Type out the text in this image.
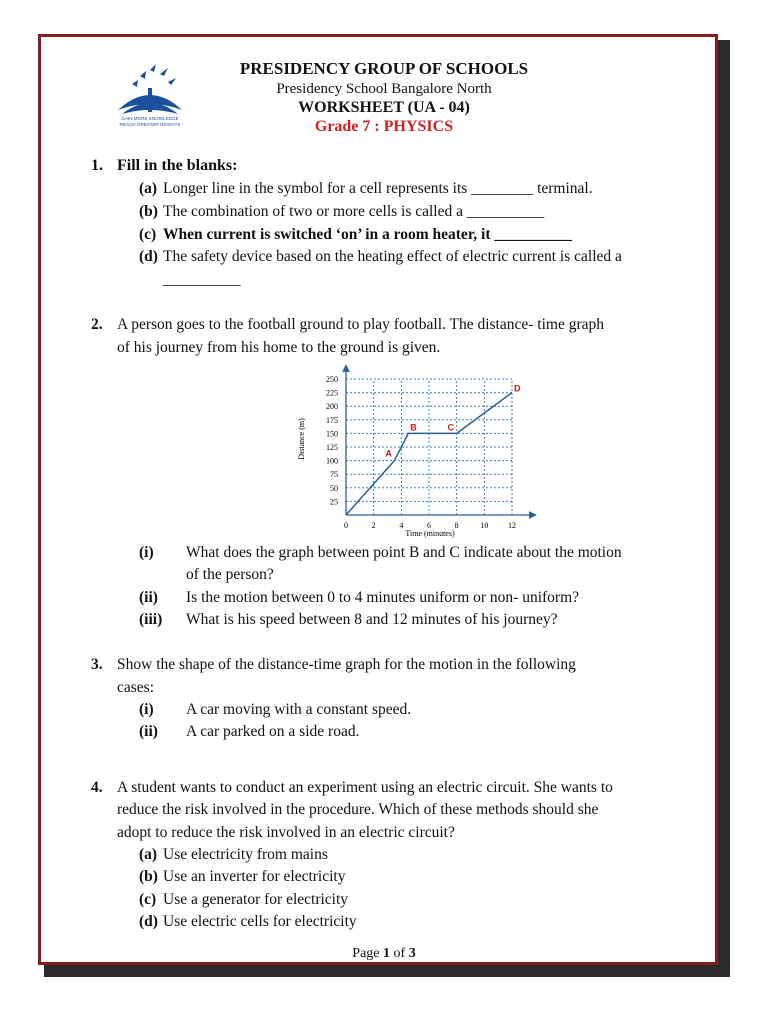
GAIN MORE KNOWLEDGE
REACH GREATER HEIGHTS
PRESIDENCY GROUP OF SCHOOLS
Presidency School Bangalore North
WORKSHEET (UA - 04)
Grade 7 : PHYSICS
1. Fill in the blanks:
(a) Longer line in the symbol for a cell represents its ________ terminal.
(b) The combination of two or more cells is called a __________
(c) When current is switched ‘on’ in a room heater, it __________
(d) The safety device based on the heating effect of electric current is called a
__________
2. A person goes to the football ground to play football. The distance- time graph
of his journey from his home to the ground is given.
25
50
75
100
125
150
175
200
225
250
0	2	4	6	8	10 12
A
B	C
D
Distance (m)
Time (minutes)
(i) What does the graph between point B and C indicate about the motion
of the person?
(ii) Is the motion between 0 to 4 minutes uniform or non- uniform?
(iii) What is his speed between 8 and 12 minutes of his journey?
3. Show the shape of the distance-time graph for the motion in the following
cases:
(i) A car moving with a constant speed.
(ii) A car parked on a side road.
4. A student wants to conduct an experiment using an electric circuit. She wants to
reduce the risk involved in the procedure. Which of these methods should she
adopt to reduce the risk involved in an electric circuit?
(a) Use electricity from mains
(b) Use an inverter for electricity
(c) Use a generator for electricity
(d) Use electric cells for electricity
Page 1 of 3
